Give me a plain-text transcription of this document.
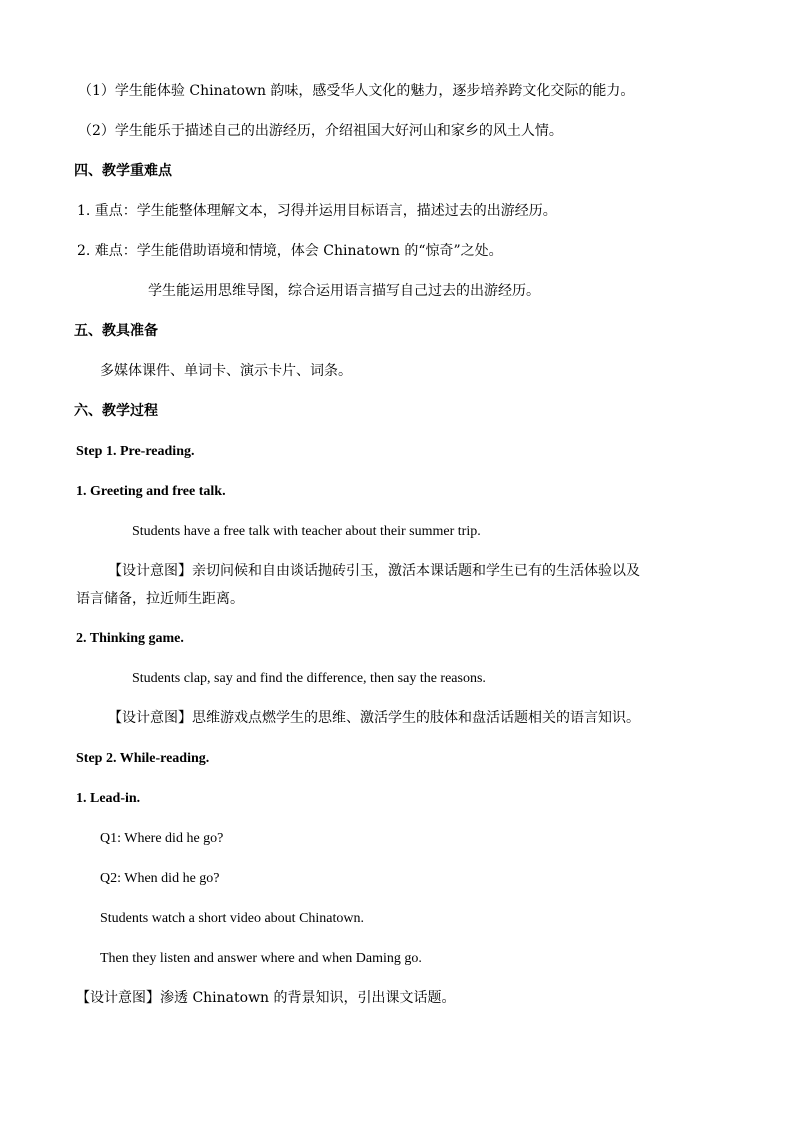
（1）学生能体验 Chinatown 韵味，感受华人文化的魅力，逐步培养跨文化交际的能力。
（2）学生能乐于描述自己的出游经历，介绍祖国大好河山和家乡的风土人情。
四、教学重难点
1. 重点：学生能整体理解文本，习得并运用目标语言，描述过去的出游经历。
2. 难点：学生能借助语境和情境，体会 Chinatown 的“惊奇”之处。
学生能运用思维导图，综合运用语言描写自己过去的出游经历。
五、教具准备
多媒体课件、单词卡、演示卡片、词条。
六、教学过程
Step 1. Pre-reading.
1. Greeting and free talk.
Students have a free talk with teacher about their summer trip.
【设计意图】亲切问候和自由谈话抛砖引玉，激活本课话题和学生已有的生活体验以及
语言储备，拉近师生距离。
2. Thinking game.
Students clap, say and find the difference, then say the reasons.
【设计意图】思维游戏点燃学生的思维、激活学生的肢体和盘活话题相关的语言知识。
Step 2. While-reading.
1. Lead-in.
Q1: Where did he go?
Q2: When did he go?
Students watch a short video about Chinatown.
Then they listen and answer where and when Daming go.
【设计意图】渗透 Chinatown 的背景知识，引出课文话题。
